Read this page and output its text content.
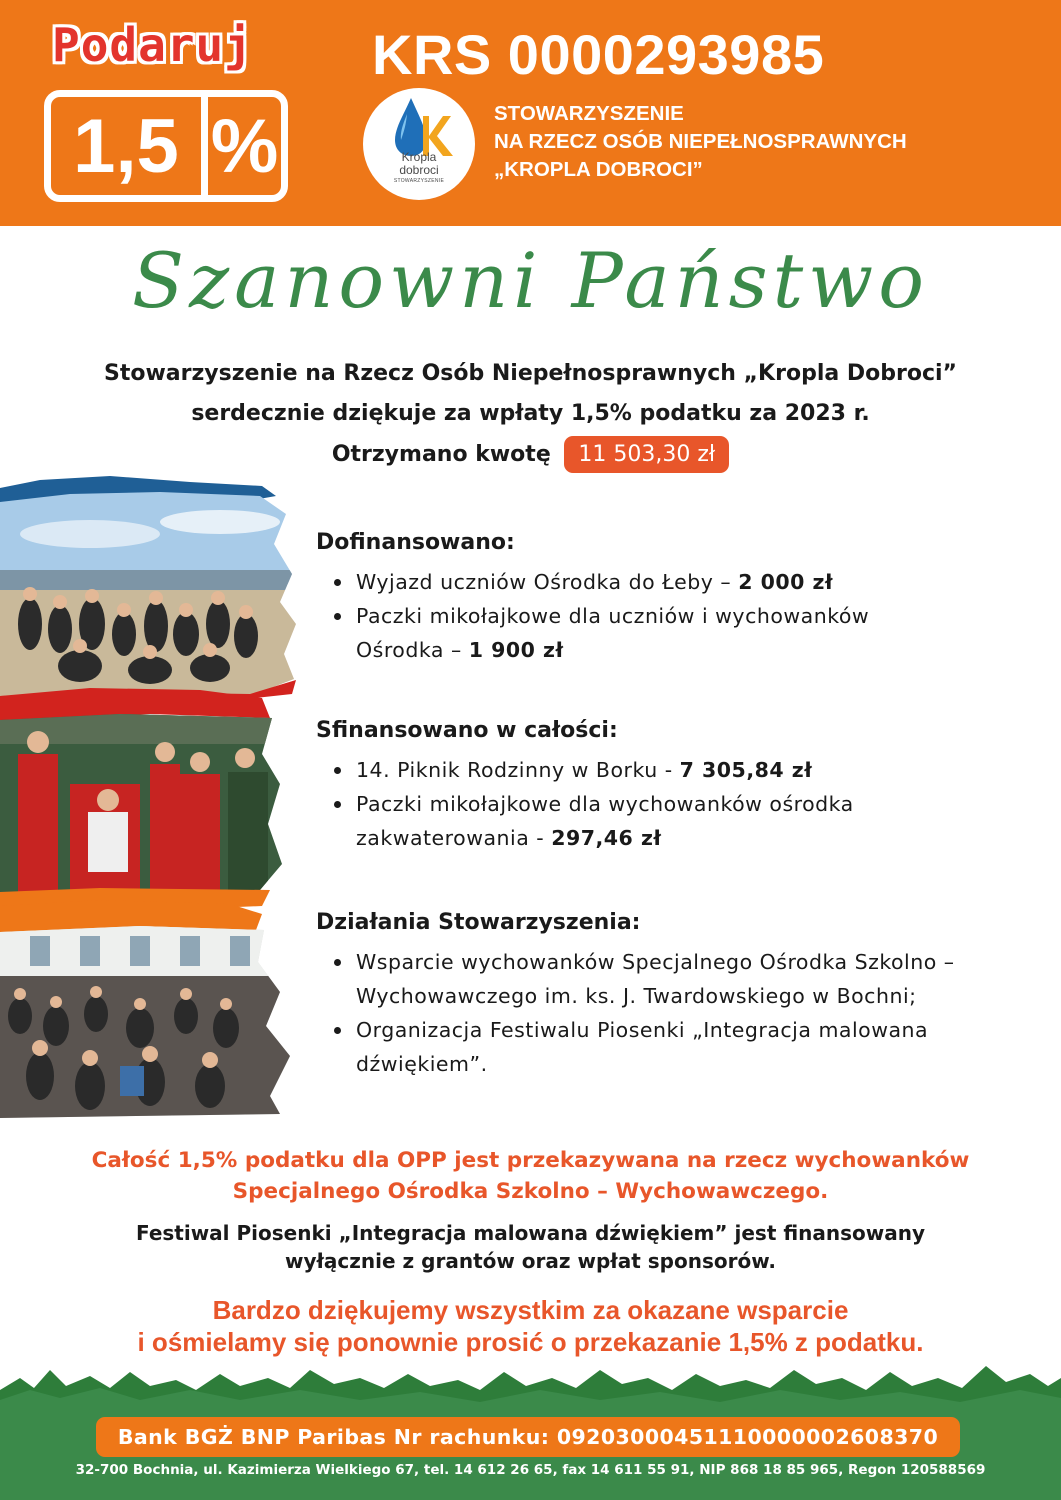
Podaruj
1,5 %
KRS 0000293985
Kropla
dobroci
STOWARZYSZENIE
STOWARZYSZENIE
NA RZECZ OSÓB NIEPEŁNOSPRAWNYCH
„KROPLA DOBROCI”
Szanowni Państwo
Stowarzyszenie na Rzecz Osób Niepełnosprawnych „Kropla Dobroci”
serdecznie dziękuje za wpłaty 1,5% podatku za 2023 r.
Otrzymano kwotę 11 503,30 zł
Dofinansowano:
Wyjazd uczniów Ośrodka do Łeby – 2 000 zł
Paczki mikołajkowe dla uczniów i wychowanków Ośrodka – 1 900 zł
Sfinansowano w całości:
14. Piknik Rodzinny w Borku - 7 305,84 zł
Paczki mikołajkowe dla wychowanków ośrodka zakwaterowania - 297,46 zł
Działania Stowarzyszenia:
Wsparcie wychowanków Specjalnego Ośrodka Szkolno – Wychowawczego im. ks. J. Twardowskiego w Bochni;
Organizacja Festiwalu Piosenki „Integracja malowana dźwiękiem”.
Całość 1,5% podatku dla OPP jest przekazywana na rzecz wychowanków
Specjalnego Ośrodka Szkolno – Wychowawczego.
Festiwal Piosenki „Integracja malowana dźwiękiem” jest finansowany
wyłącznie z grantów oraz wpłat sponsorów.
Bardzo dziękujemy wszystkim za okazane wsparcie
i ośmielamy się ponownie prosić o przekazanie 1,5% z podatku.
Bank BGŻ BNP Paribas Nr rachunku: 09203000451110000002608370
32-700 Bochnia, ul. Kazimierza Wielkiego 67, tel. 14 612 26 65, fax 14 611 55 91, NIP 868 18 85 965, Regon 120588569
